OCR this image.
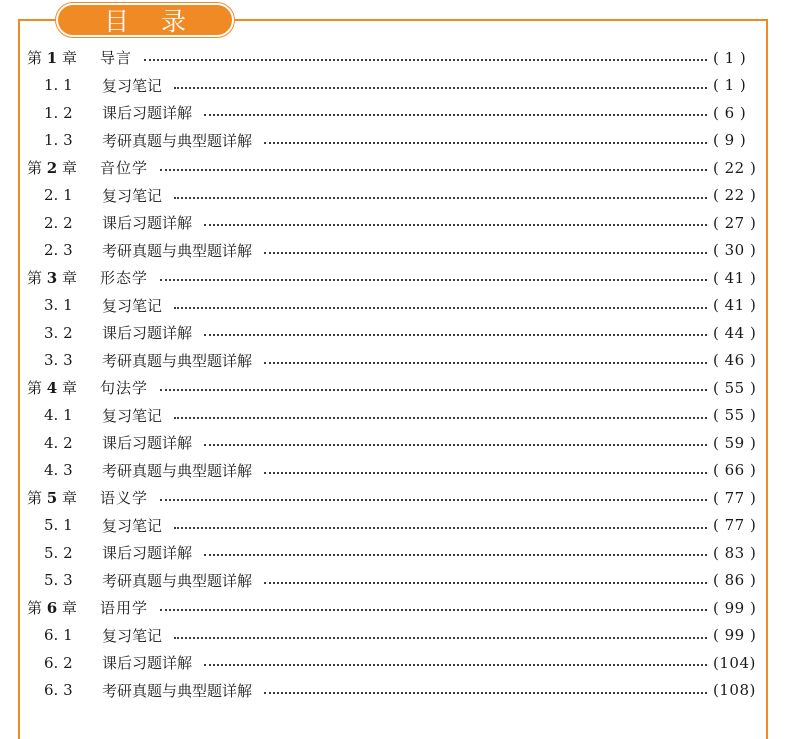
目 录
第 1 章	导言	( 1 )
1. 1	复习笔记	( 1 )
1. 2	课后习题详解	( 6 )
1. 3	考研真题与典型题详解	( 9 )
第 2 章	音位学	( 22 )
2. 1	复习笔记	( 22 )
2. 2	课后习题详解	( 27 )
2. 3	考研真题与典型题详解	( 30 )
第 3 章	形态学	( 41 )
3. 1	复习笔记	( 41 )
3. 2	课后习题详解	( 44 )
3. 3	考研真题与典型题详解	( 46 )
第 4 章	句法学	( 55 )
4. 1	复习笔记	( 55 )
4. 2	课后习题详解	( 59 )
4. 3	考研真题与典型题详解	( 66 )
第 5 章	语义学	( 77 )
5. 1	复习笔记	( 77 )
5. 2	课后习题详解	( 83 )
5. 3	考研真题与典型题详解	( 86 )
第 6 章	语用学	( 99 )
6. 1	复习笔记	( 99 )
6. 2	课后习题详解	(104)
6. 3	考研真题与典型题详解	(108)
